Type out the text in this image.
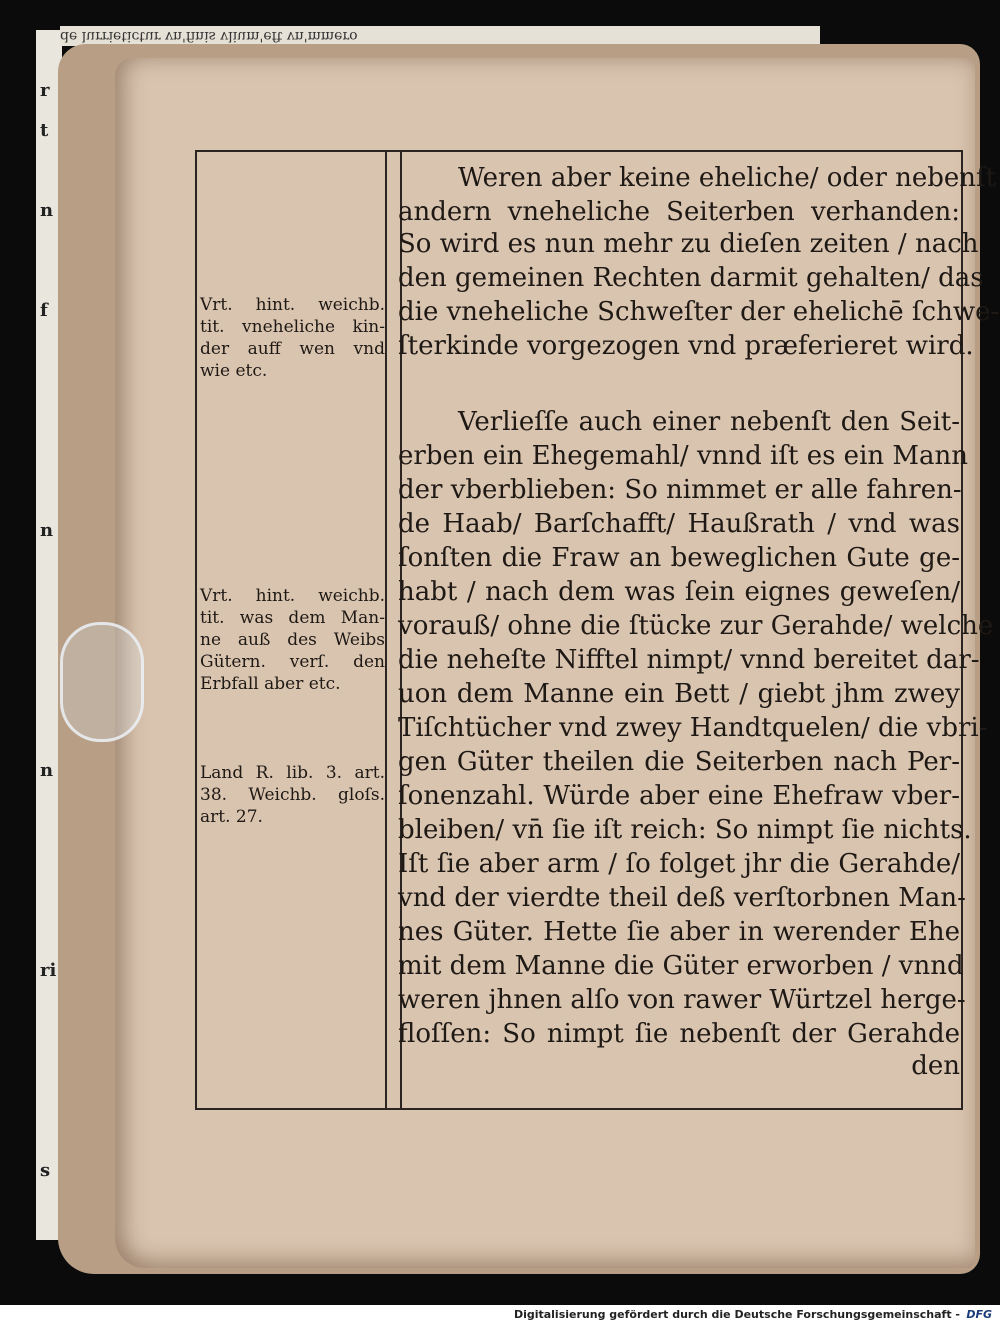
r
t
n
f
n
n
ri
s
de lurrietictur vn'finis vlium'eft vn'mmero
Weren aber keine eheliche/ oder nebenſt
andern vneheliche Seiterben verhanden:
So wird es nun mehr zu dieſen zeiten / nach
den gemeinen Rechten darmit gehalten/ das
die vneheliche Schweſter der ehelichē ſchwe-
ſterkinde vorgezogen vnd præferieret wird.
Verlieſſe auch einer nebenſt den Seit-
erben ein Ehegemahl/ vnnd iſt es ein Mann
der vberblieben: So nimmet er alle fahren-
de Haab/ Barſchafft/ Haußrath / vnd was
ſonſten die Fraw an beweglichen Gute ge-
habt / nach dem was ſein eignes geweſen/
vorauß/ ohne die ſtücke zur Gerahde/ welche
die neheſte Nifftel nimpt/ vnnd bereitet dar-
uon dem Manne ein Bett / giebt jhm zwey
Tiſchtücher vnd zwey Handtquelen/ die vbri-
gen Güter theilen die Seiterben nach Per-
ſonenzahl. Würde aber eine Ehefraw vber-
bleiben/ vn̄ ſie iſt reich: So nimpt ſie nichts.
Iſt ſie aber arm / ſo folget jhr die Gerahde/
vnd der vierdte theil deß verſtorbnen Man-
nes Güter. Hette ſie aber in werender Ehe
mit dem Manne die Güter erworben / vnnd
weren jhnen alſo von rawer Würtzel herge-
floſſen: So nimpt ſie nebenſt der Gerahde
den
Vrt. hint. weichb.
tit. vneheliche kin-
der auff wen vnd
wie etc.
Vrt. hint. weichb.
tit. was dem Man-
ne auß des Weibs
Gütern. verſ. den
Erbfall aber etc.
Land R. lib. 3. art.
38. Weichb. gloſs.
art. 27.
Digitalisierung gefördert durch die Deutsche Forschungsgemeinschaft - DFG
